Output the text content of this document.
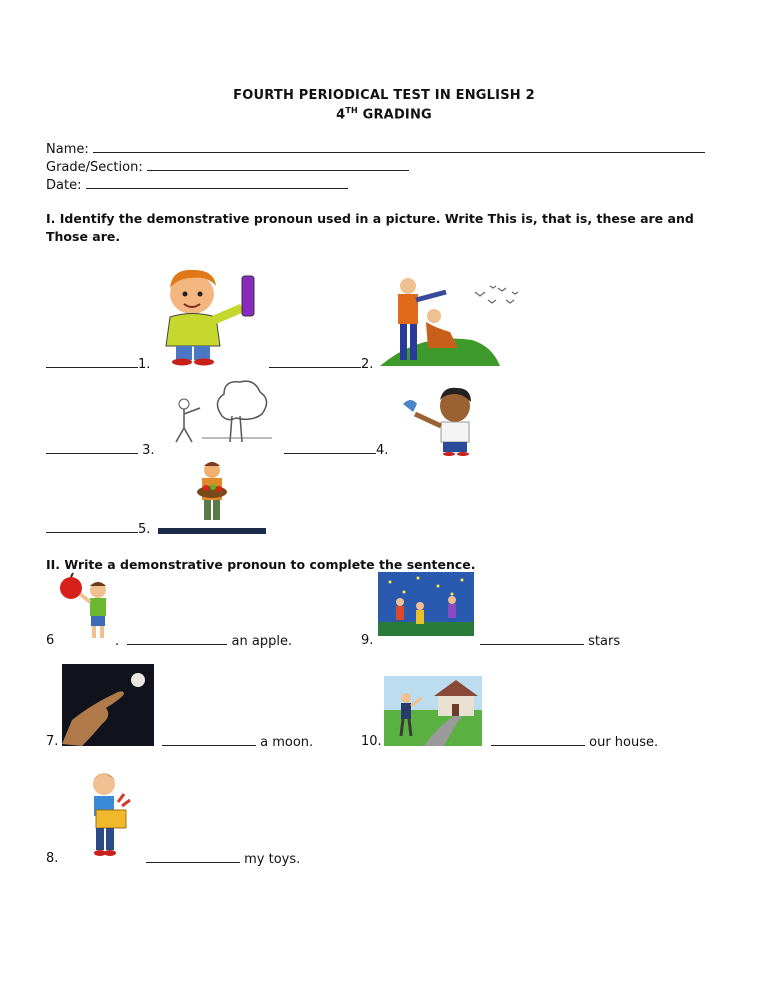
FOURTH PERIODICAL TEST IN ENGLISH 2
4TH GRADING
Name:
Grade/Section:
Date:
I. Identify the demonstrative pronoun used in a picture. Write This is, that is, these are and Those are.
1.	2.
3.	4.
5.
II. Write a demonstrative pronoun to complete the sentence.
6	.	an apple.	9.	stars
7.	a moon.	10.	our house.
8.	my toys.
